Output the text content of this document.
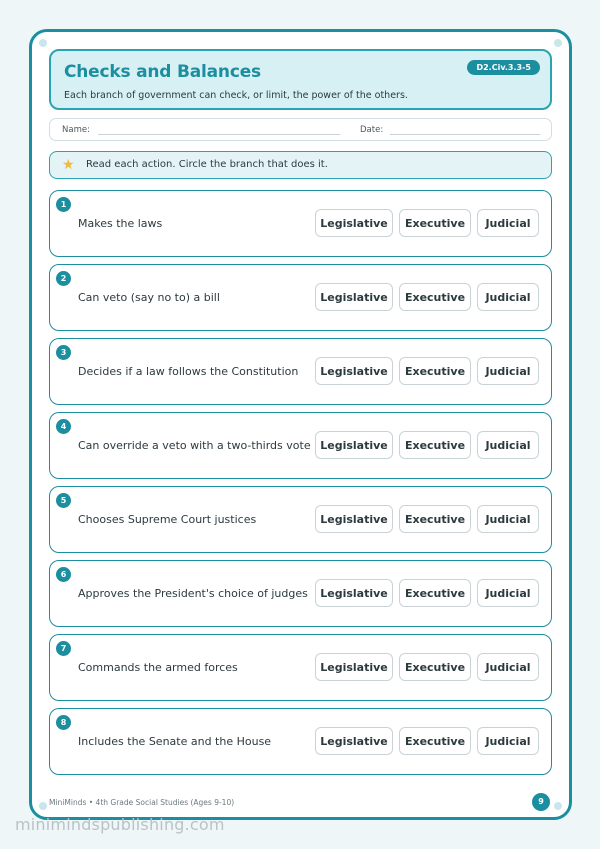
Checks and Balances
Each branch of government can check, or limit, the power of the others.
D2.Civ.3.3-5
Name:	Date:
★ Read each action. Circle the branch that does it.
1
Makes the laws	Legislative	Executive	Judicial
2
Can veto (say no to) a bill	Legislative	Executive	Judicial
3
Decides if a law follows the Constitution	Legislative	Executive	Judicial
4
Can override a veto with a two-thirds vote Legislative	Executive	Judicial
5
Chooses Supreme Court justices	Legislative	Executive	Judicial
6
Approves the President's choice of judges	Legislative	Executive	Judicial
7
Commands the armed forces	Legislative	Executive	Judicial
8
Includes the Senate and the House	Legislative	Executive	Judicial
MiniMinds • 4th Grade Social Studies (Ages 9-10)	9
minimindspublishing.com
